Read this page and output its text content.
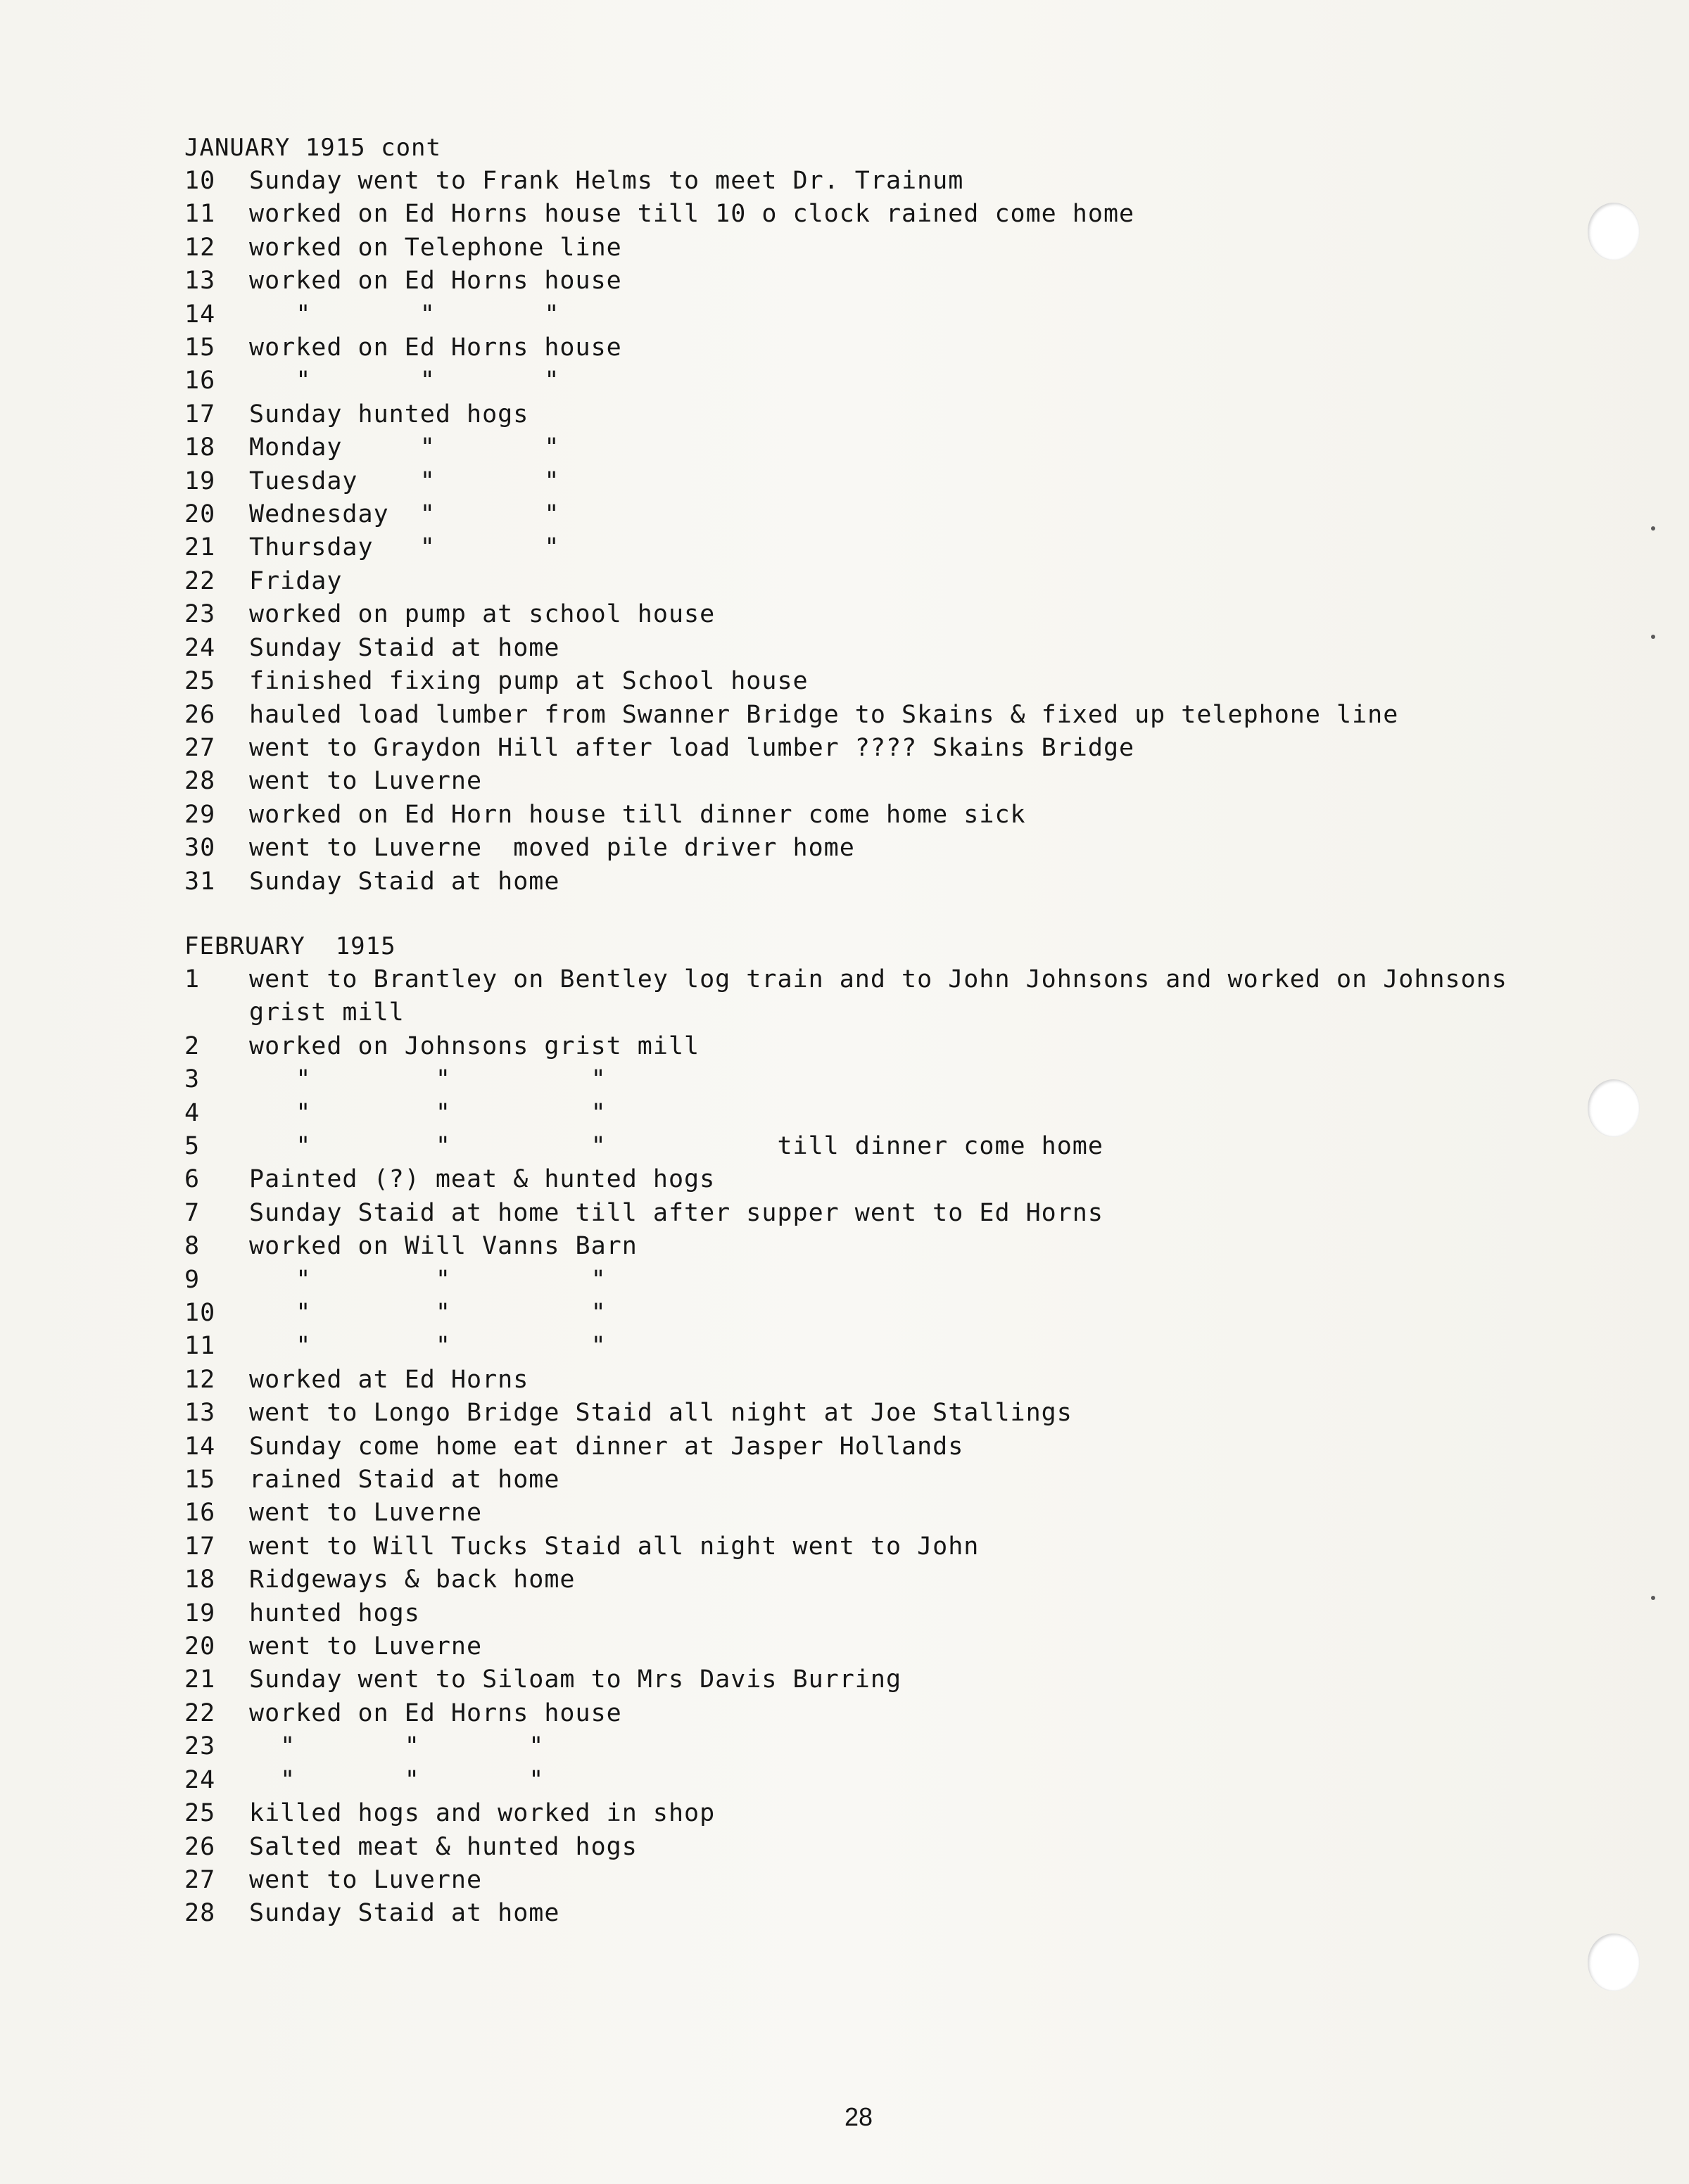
JANUARY 1915 cont
10	Sunday went to Frank Helms to meet Dr. Trainum
11	worked on Ed Horns house till 10 o clock rained come home
12	worked on Telephone line
13	worked on Ed Horns house
14	"       "       "
15	worked on Ed Horns house
16	"       "       "
17	Sunday hunted hogs
18	Monday     "       "
19	Tuesday    "       "
20	Wednesday  "       "
21	Thursday   "       "
22	Friday
23	worked on pump at school house
24	Sunday Staid at home
25	finished fixing pump at School house
26	hauled load lumber from Swanner Bridge to Skains & fixed up telephone line
27	went to Graydon Hill after load lumber ???? Skains Bridge
28	went to Luverne
29	worked on Ed Horn house till dinner come home sick
30	went to Luverne  moved pile driver home
31	Sunday Staid at home
FEBRUARY  1915
1	went to Brantley on Bentley log train and to John Johnsons and worked on Johnsons grist mill
2	worked on Johnsons grist mill
3	"        "         "
4	"        "         "
5	"        "         "           till dinner come home
6	Painted (?) meat & hunted hogs
7	Sunday Staid at home till after supper went to Ed Horns
8	worked on Will Vanns Barn
9	"        "         "
10	"        "         "
11	"        "         "
12	worked at Ed Horns
13	went to Longo Bridge Staid all night at Joe Stallings
14	Sunday come home eat dinner at Jasper Hollands
15	rained Staid at home
16	went to Luverne
17	went to Will Tucks Staid all night went to John
18	Ridgeways & back home
19	hunted hogs
20	went to Luverne
21	Sunday went to Siloam to Mrs Davis Burring
22	worked on Ed Horns house
23	"       "       "
24	"       "       "
25	killed hogs and worked in shop
26	Salted meat & hunted hogs
27	went to Luverne
28	Sunday Staid at home
28
